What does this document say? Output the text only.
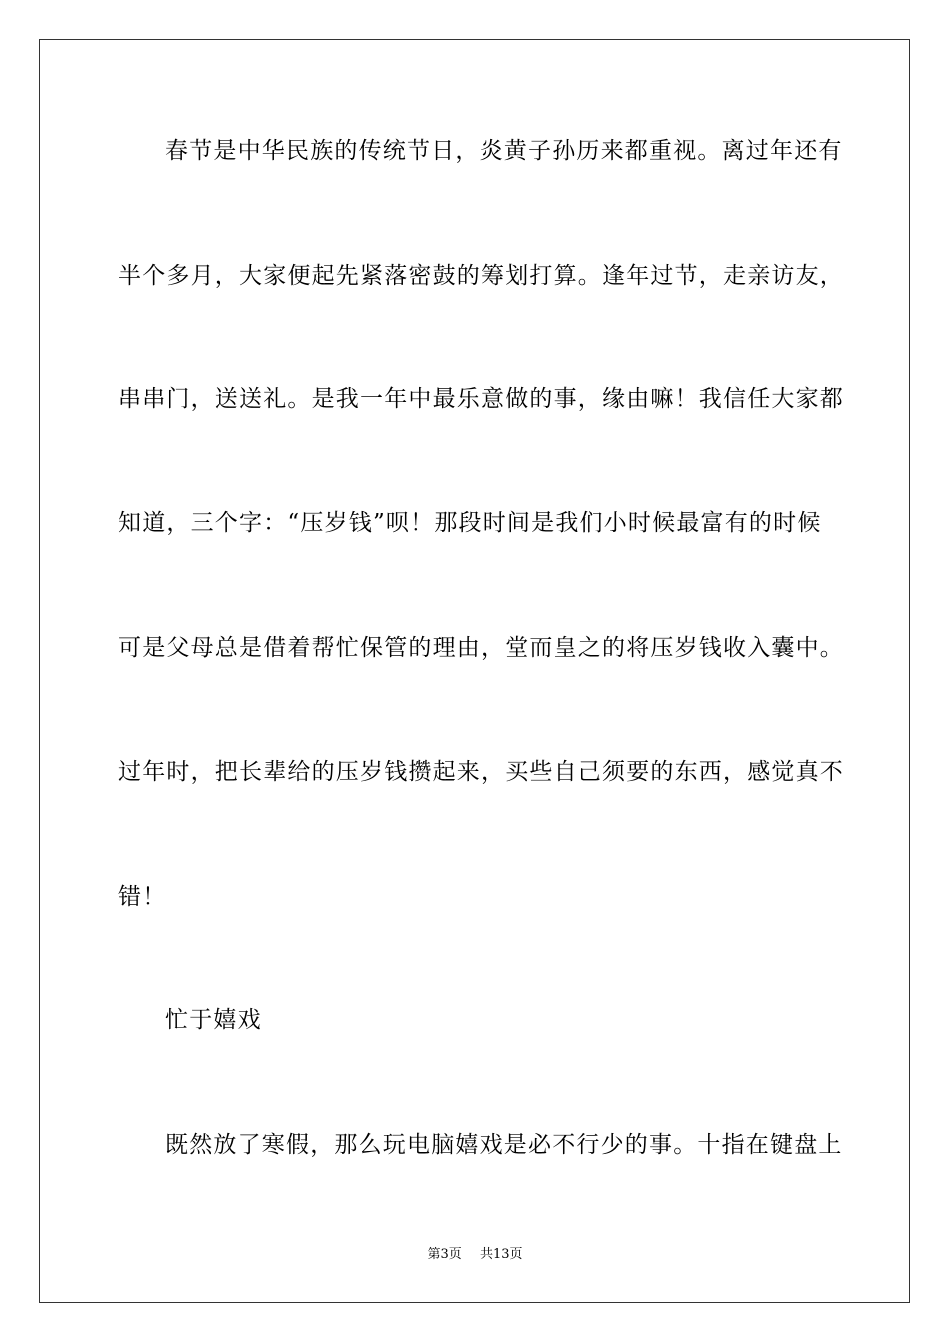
春节是中华民族的传统节日，炎黄子孙历来都重视。离过年还有
半个多月，大家便起先紧落密鼓的筹划打算。逢年过节，走亲访友，
串串门，送送礼。是我一年中最乐意做的事，缘由嘛！我信任大家都
知道，三个字：“压岁钱”呗！那段时间是我们小时候最富有的时候
可是父母总是借着帮忙保管的理由，堂而皇之的将压岁钱收入囊中。
过年时，把长辈给的压岁钱攒起来，买些自己须要的东西，感觉真不
错！
忙于嬉戏
既然放了寒假，那么玩电脑嬉戏是必不行少的事。十指在键盘上
第3页 共13页
